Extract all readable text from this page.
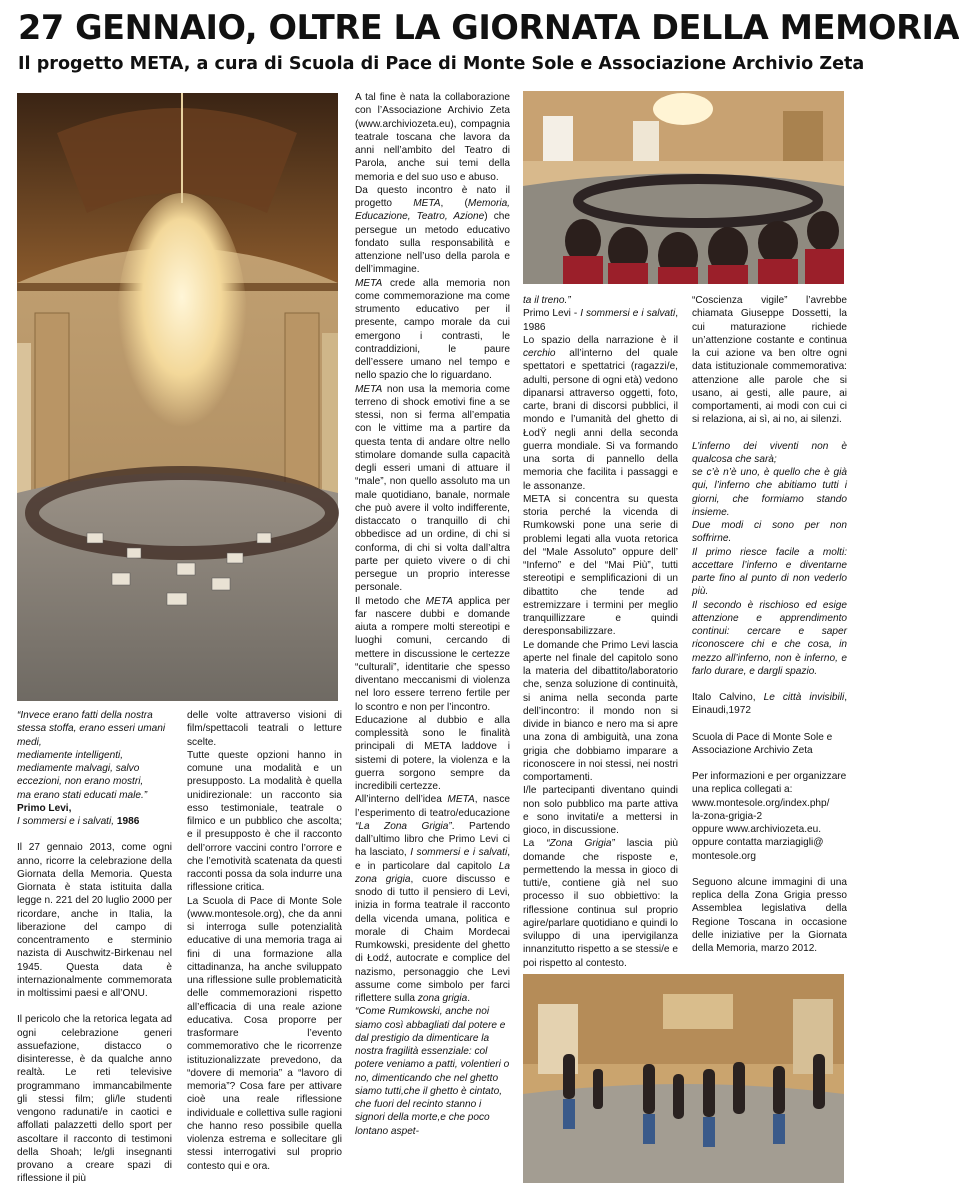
27 GENNAIO, OLTRE LA GIORNATA DELLA MEMORIA
Il progetto META, a cura di Scuola di Pace di Monte Sole e Associazione Archivio Zeta

“Invece erano fatti della nostra stessa stoffa, erano esseri umani medi,
mediamente intelligenti, mediamente malvagi, salvo eccezioni, non erano mostri,
ma erano stati educati male.”

Primo Levi,

I sommersi e i salvati, 1986

Il 27 gennaio 2013, come ogni anno, ricorre la celebrazione della Giornata della Memoria. Questa Giornata è stata istituita dalla legge n. 221 del 20 luglio 2000 per ricordare, anche in Italia, la liberazione del campo di concentramento e sterminio nazista di Auschwitz-Birkenau nel 1945. Questa data è internazionalmente commemorata in moltissimi paesi e all’ONU.

Il pericolo che la retorica legata ad ogni celebrazione generi assuefazione, distacco o disinteresse, è da qualche anno realtà. Le reti televisive programmano immancabilmente gli stessi film; gli/le studenti vengono radunati/e in caotici e affollati palazzetti dello sport per ascoltare il racconto di testimoni della Shoah; le/gli insegnanti provano a creare spazi di riflessione il più

A tal fine è nata la collaborazione con l’Associazione Archivio Zeta (www.archiviozeta.eu), compagnia teatrale toscana che lavora da anni nell’ambito del Teatro di Parola, anche sui temi della memoria e del suo uso e abuso.

Da questo incontro è nato il progetto META, (Memoria, Educazione, Teatro, Azione) che persegue un metodo educativo fondato sulla responsabilità e attenzione nell’uso della parola e dell’immagine.

META crede alla memoria non come commemorazione ma come strumento educativo per il presente, campo morale da cui emergono i contrasti, le contraddizioni, le paure dell’essere umano nel tempo e nello spazio che lo riguardano.

META non usa la memoria come terreno di shock emotivi fine a se stessi, non si ferma all’empatia con le vittime ma a partire da questa tenta di andare oltre nello stimolare domande sulla capacità degli esseri umani di attuare il “male”, non quello assoluto ma un male quotidiano, banale, normale che può avere il volto indifferente, distaccato o tranquillo di chi obbedisce ad un ordine, di chi si conforma, di chi si volta dall’altra parte per quieto vivere o di chi persegue un proprio interesse personale.

Il metodo che META applica per far nascere dubbi e domande aiuta a rompere molti stereotipi e luoghi comuni, cercando di mettere in discussione le certezze “culturali”, identitarie che spesso diventano meccanismi di violenza nel loro essere terreno fertile per lo scontro e non per l’incontro.

Educazione al dubbio e alla complessità sono le finalità principali di META laddove i sistemi di potere, la violenza e la guerra sorgono sempre da incredibili certezze.

All’interno dell’idea META, nasce l’esperimento di teatro/educazione “La Zona Grigia”. Partendo dall’ultimo libro che Primo Levi ci ha lasciato, I sommersi e i salvati, e in particolare dal capitolo La zona grigia, cuore discusso e snodo di tutto il pensiero di Levi, inizia in forma teatrale il racconto della vicenda umana, politica e morale di Chaim Mordecai Rumkowski, presidente del ghetto di Łodź, autocrate e complice del nazismo, personaggio che Levi assume come simbolo per farci riflettere sulla zona grigia.

“Come Rumkowski, anche noi siamo così abbagliati dal potere e dal prestigio da dimenticare la nostra fragilità essenziale: col potere veniamo a patti, volentieri o no, dimenticando che nel ghetto siamo tutti,che il ghetto è cintato, che fuori del recinto stanno i signori della morte,e che poco lontano aspet-

delle volte attraverso visioni di film/spettacoli teatrali o letture scelte.

Tutte queste opzioni hanno in comune una modalità e un presupposto. La modalità è quella unidirezionale: un racconto sia esso testimoniale, teatrale o filmico e un pubblico che ascolta; e il presupposto è che il racconto dell’orrore vaccini contro l’orrore e che l’emotività scatenata da questi racconti possa da sola indurre una riflessione critica.

La Scuola di Pace di Monte Sole (www.montesole.org), che da anni si interroga sulle potenzialità educative di una memoria traga ai fini di una formazione alla cittadinanza, ha anche sviluppato una riflessione sulle problematicità delle commemorazioni rispetto all’efficacia di una reale azione educativa. Cosa proporre per trasformare l’evento commemorativo che le ricorrenze istituzionalizzate prevedono, da “dovere di memoria” a “lavoro di memoria”? Cosa fare per attivare cioè una reale riflessione individuale e collettiva sulle ragioni che hanno reso possibile quella violenza estrema e sollecitare gli stessi interrogativi sul proprio contesto qui e ora.

ta il treno.”

Primo Levi - I sommersi e i salvati, 1986

Lo spazio della narrazione è il cerchio all’interno del quale spettatori e spettatrici (ragazzi/e, adulti, persone di ogni età) vedono dipanarsi attraverso oggetti, foto, carte, brani di discorsi pubblici, il mondo e l’umanità del ghetto di ŁodŸ negli anni della seconda guerra mondiale. Si va formando una sorta di pannello della memoria che facilita i passaggi e le assonanze.

META si concentra su questa storia perché la vicenda di Rumkowski pone una serie di problemi legati alla vuota retorica del “Male Assoluto” oppure dell’ “Inferno” e del “Mai Più”, tutti stereotipi e semplificazioni di un dibattito che tende ad estremizzare i termini per meglio tranquillizzare e quindi deresponsabilizzare.

Le domande che Primo Levi lascia aperte nel finale del capitolo sono la materia del dibattito/laboratorio che, senza soluzione di continuità, si anima nella seconda parte dell’incontro: il mondo non si divide in bianco e nero ma si apre una zona di ambiguità, una zona grigia che dobbiamo imparare a riconoscere in noi stessi, nei nostri comportamenti.

I/le partecipanti diventano quindi non solo pubblico ma parte attiva e sono invitati/e a mettersi in gioco, in discussione.

La “Zona Grigia” lascia più domande che risposte e, permettendo la messa in gioco di tutti/e, contiene già nel suo processo il suo obbiettivo: la riflessione continua sul proprio agire/parlare quotidiano e quindi lo sviluppo di una ipervigilanza innanzitutto rispetto a se stessi/e e poi rispetto al contesto.

“Coscienza vigile” l’avrebbe chiamata Giuseppe Dossetti, la cui maturazione richiede un’attenzione costante e continua la cui azione va ben oltre ogni data istituzionale commemorativa: attenzione alle parole che si usano, ai gesti, alle paure, ai comportamenti, ai modi con cui ci si relaziona, ai sì, ai no, ai silenzi.

L’inferno dei viventi non è qualcosa che sarà;

se c’è n’è uno, è quello che è già qui, l’inferno che abitiamo tutti i giorni, che formiamo stando insieme.

Due modi ci sono per non soffrirne.

Il primo riesce facile a molti: accettare l’inferno e diventarne parte fino al punto di non vederlo più.

Il secondo è rischioso ed esige attenzione e apprendimento continui: cercare e saper riconoscere chi e che cosa, in mezzo all’inferno, non è inferno, e farlo durare, e dargli spazio.

Italo Calvino, Le città invisibili, Einaudi,1972

Scuola di Pace di Monte Sole e Associazione Archivio Zeta

Per informazioni e per organizzare una replica collegati a:

www.montesole.org/index.php/
la-zona-grigia-2

oppure www.archiviozeta.eu.

oppure contatta marziagigli@
montesole.org

Seguono alcune immagini di una replica della Zona Grigia presso Assemblea legislativa della Regione Toscana in occasione delle iniziative per la Giornata della Memoria, marzo 2012.
